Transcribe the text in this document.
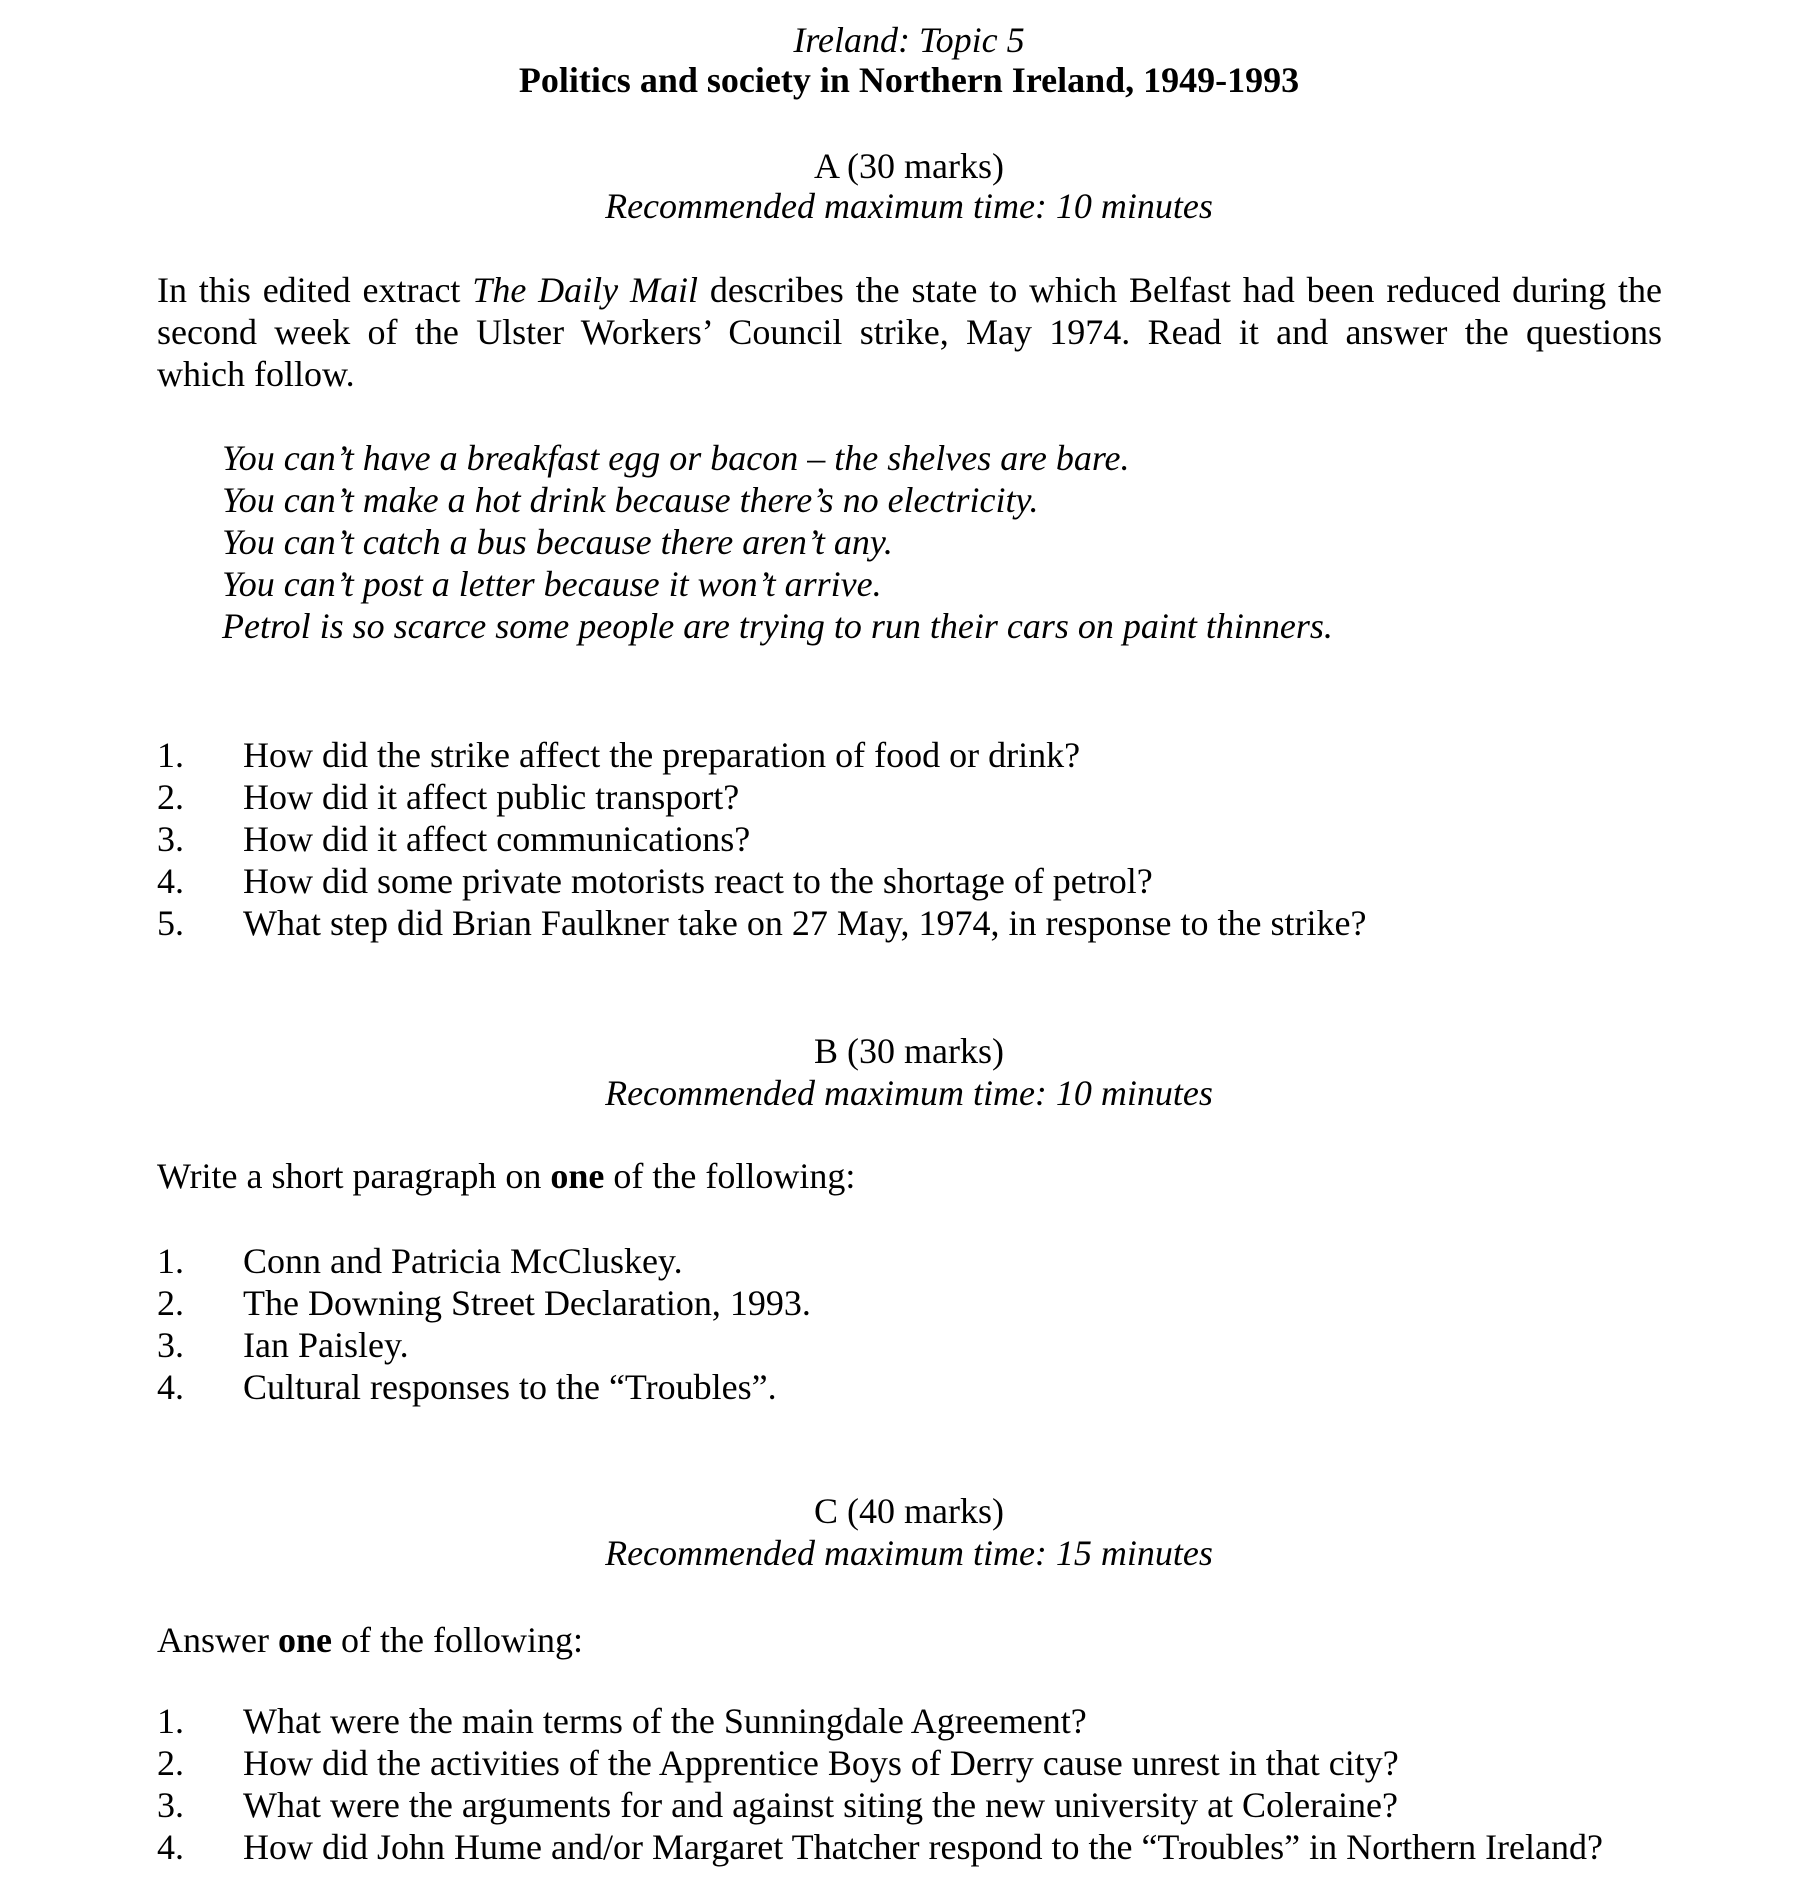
Ireland: Topic 5
Politics and society in Northern Ireland, 1949-1993
A (30 marks)
Recommended maximum time: 10 minutes
In this edited extract The Daily Mail describes the state to which Belfast had been reduced during the
second week of the Ulster Workers’ Council strike, May 1974. Read it and answer the questions
which follow.
You can’t have a breakfast egg or bacon – the shelves are bare.
You can’t make a hot drink because there’s no electricity.
You can’t catch a bus because there aren’t any.
You can’t post a letter because it won’t arrive.
Petrol is so scarce some people are trying to run their cars on paint thinners.
1. How did the strike affect the preparation of food or drink?
2. How did it affect public transport?
3. How did it affect communications?
4. How did some private motorists react to the shortage of petrol?
5. What step did Brian Faulkner take on 27 May, 1974, in response to the strike?
B (30 marks)
Recommended maximum time: 10 minutes
Write a short paragraph on one of the following:
1. Conn and Patricia McCluskey.
2. The Downing Street Declaration, 1993.
3. Ian Paisley.
4. Cultural responses to the “Troubles”.
C (40 marks)
Recommended maximum time: 15 minutes
Answer one of the following:
1. What were the main terms of the Sunningdale Agreement?
2. How did the activities of the Apprentice Boys of Derry cause unrest in that city?
3. What were the arguments for and against siting the new university at Coleraine?
4. How did John Hume and/or Margaret Thatcher respond to the “Troubles” in Northern Ireland?
